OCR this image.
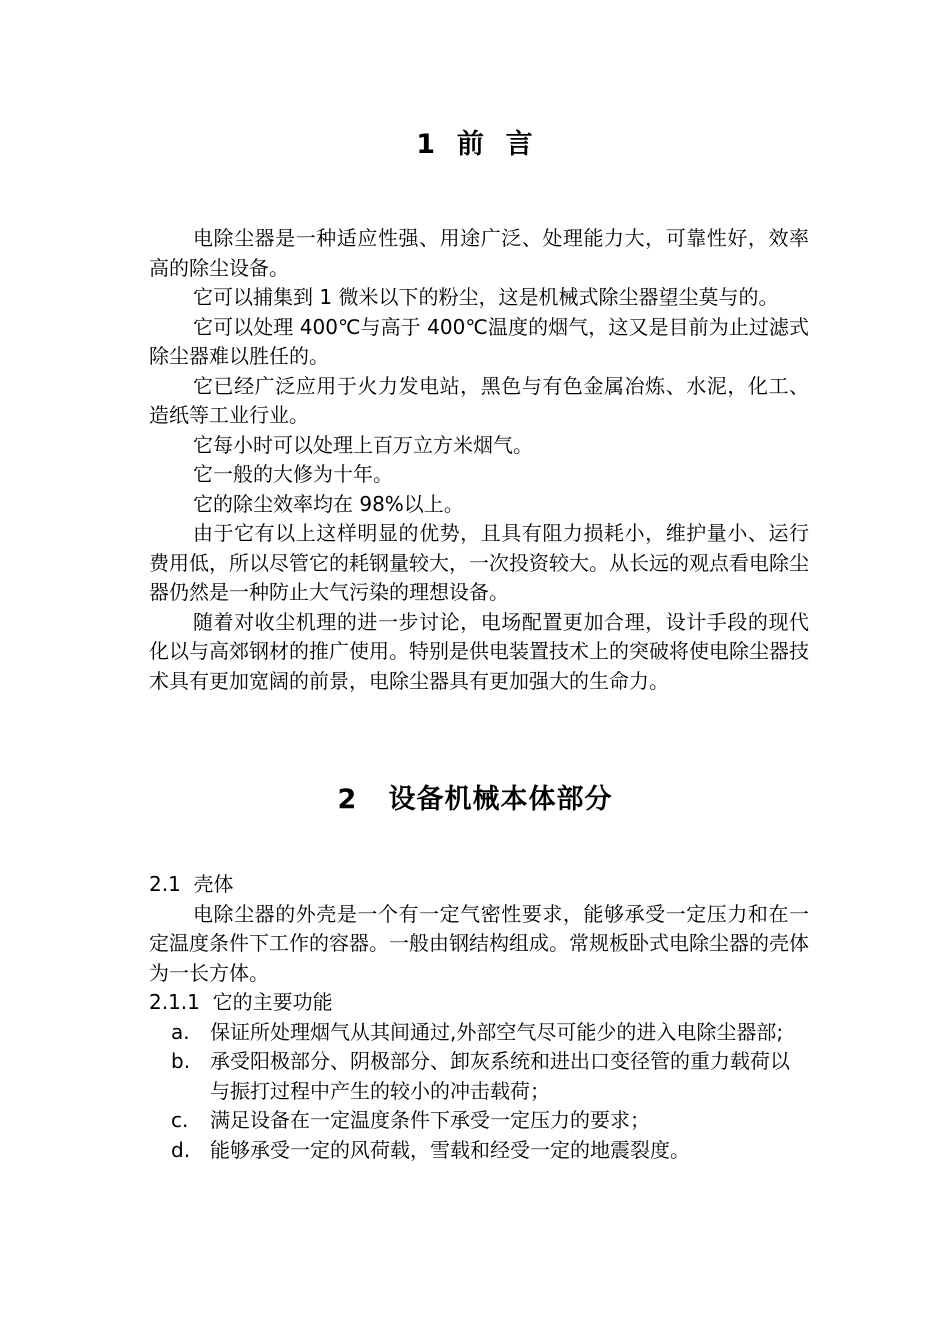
1  前  言

电除尘器是一种适应性强、用途广泛、处理能力大，可靠性好，效率高的除尘设备。

它可以捕集到 1 微米以下的粉尘，这是机械式除尘器望尘莫与的。

它可以处理 400℃与高于 400℃温度的烟气，这又是目前为止过滤式除尘器难以胜任的。

它已经广泛应用于火力发电站，黑色与有色金属冶炼、水泥，化工、造纸等工业行业。

它每小时可以处理上百万立方米烟气。

它一般的大修为十年。

它的除尘效率均在 98%以上。

由于它有以上这样明显的优势，且具有阻力损耗小，维护量小、运行费用低，所以尽管它的耗钢量较大，一次投资较大。从长远的观点看电除尘器仍然是一种防止大气污染的理想设备。

随着对收尘机理的进一步讨论，电场配置更加合理，设计手段的现代化以与高郊钢材的推广使用。特别是供电装置技术上的突破将使电除尘器技术具有更加宽阔的前景，电除尘器具有更加强大的生命力。

2   设备机械本体部分

2.1  壳体

电除尘器的外壳是一个有一定气密性要求，能够承受一定压力和在一定温度条件下工作的容器。一般由钢结构组成。常规板卧式电除尘器的壳体为一长方体。

2.1.1  它的主要功能

a. 保证所处理烟气从其间通过,外部空气尽可能少的进入电除尘器部;
b. 承受阳极部分、阴极部分、卸灰系统和进出口变径管的重力载荷以与振打过程中产生的较小的冲击载荷；
c. 满足设备在一定温度条件下承受一定压力的要求；
d. 能够承受一定的风荷载，雪载和经受一定的地震裂度。
